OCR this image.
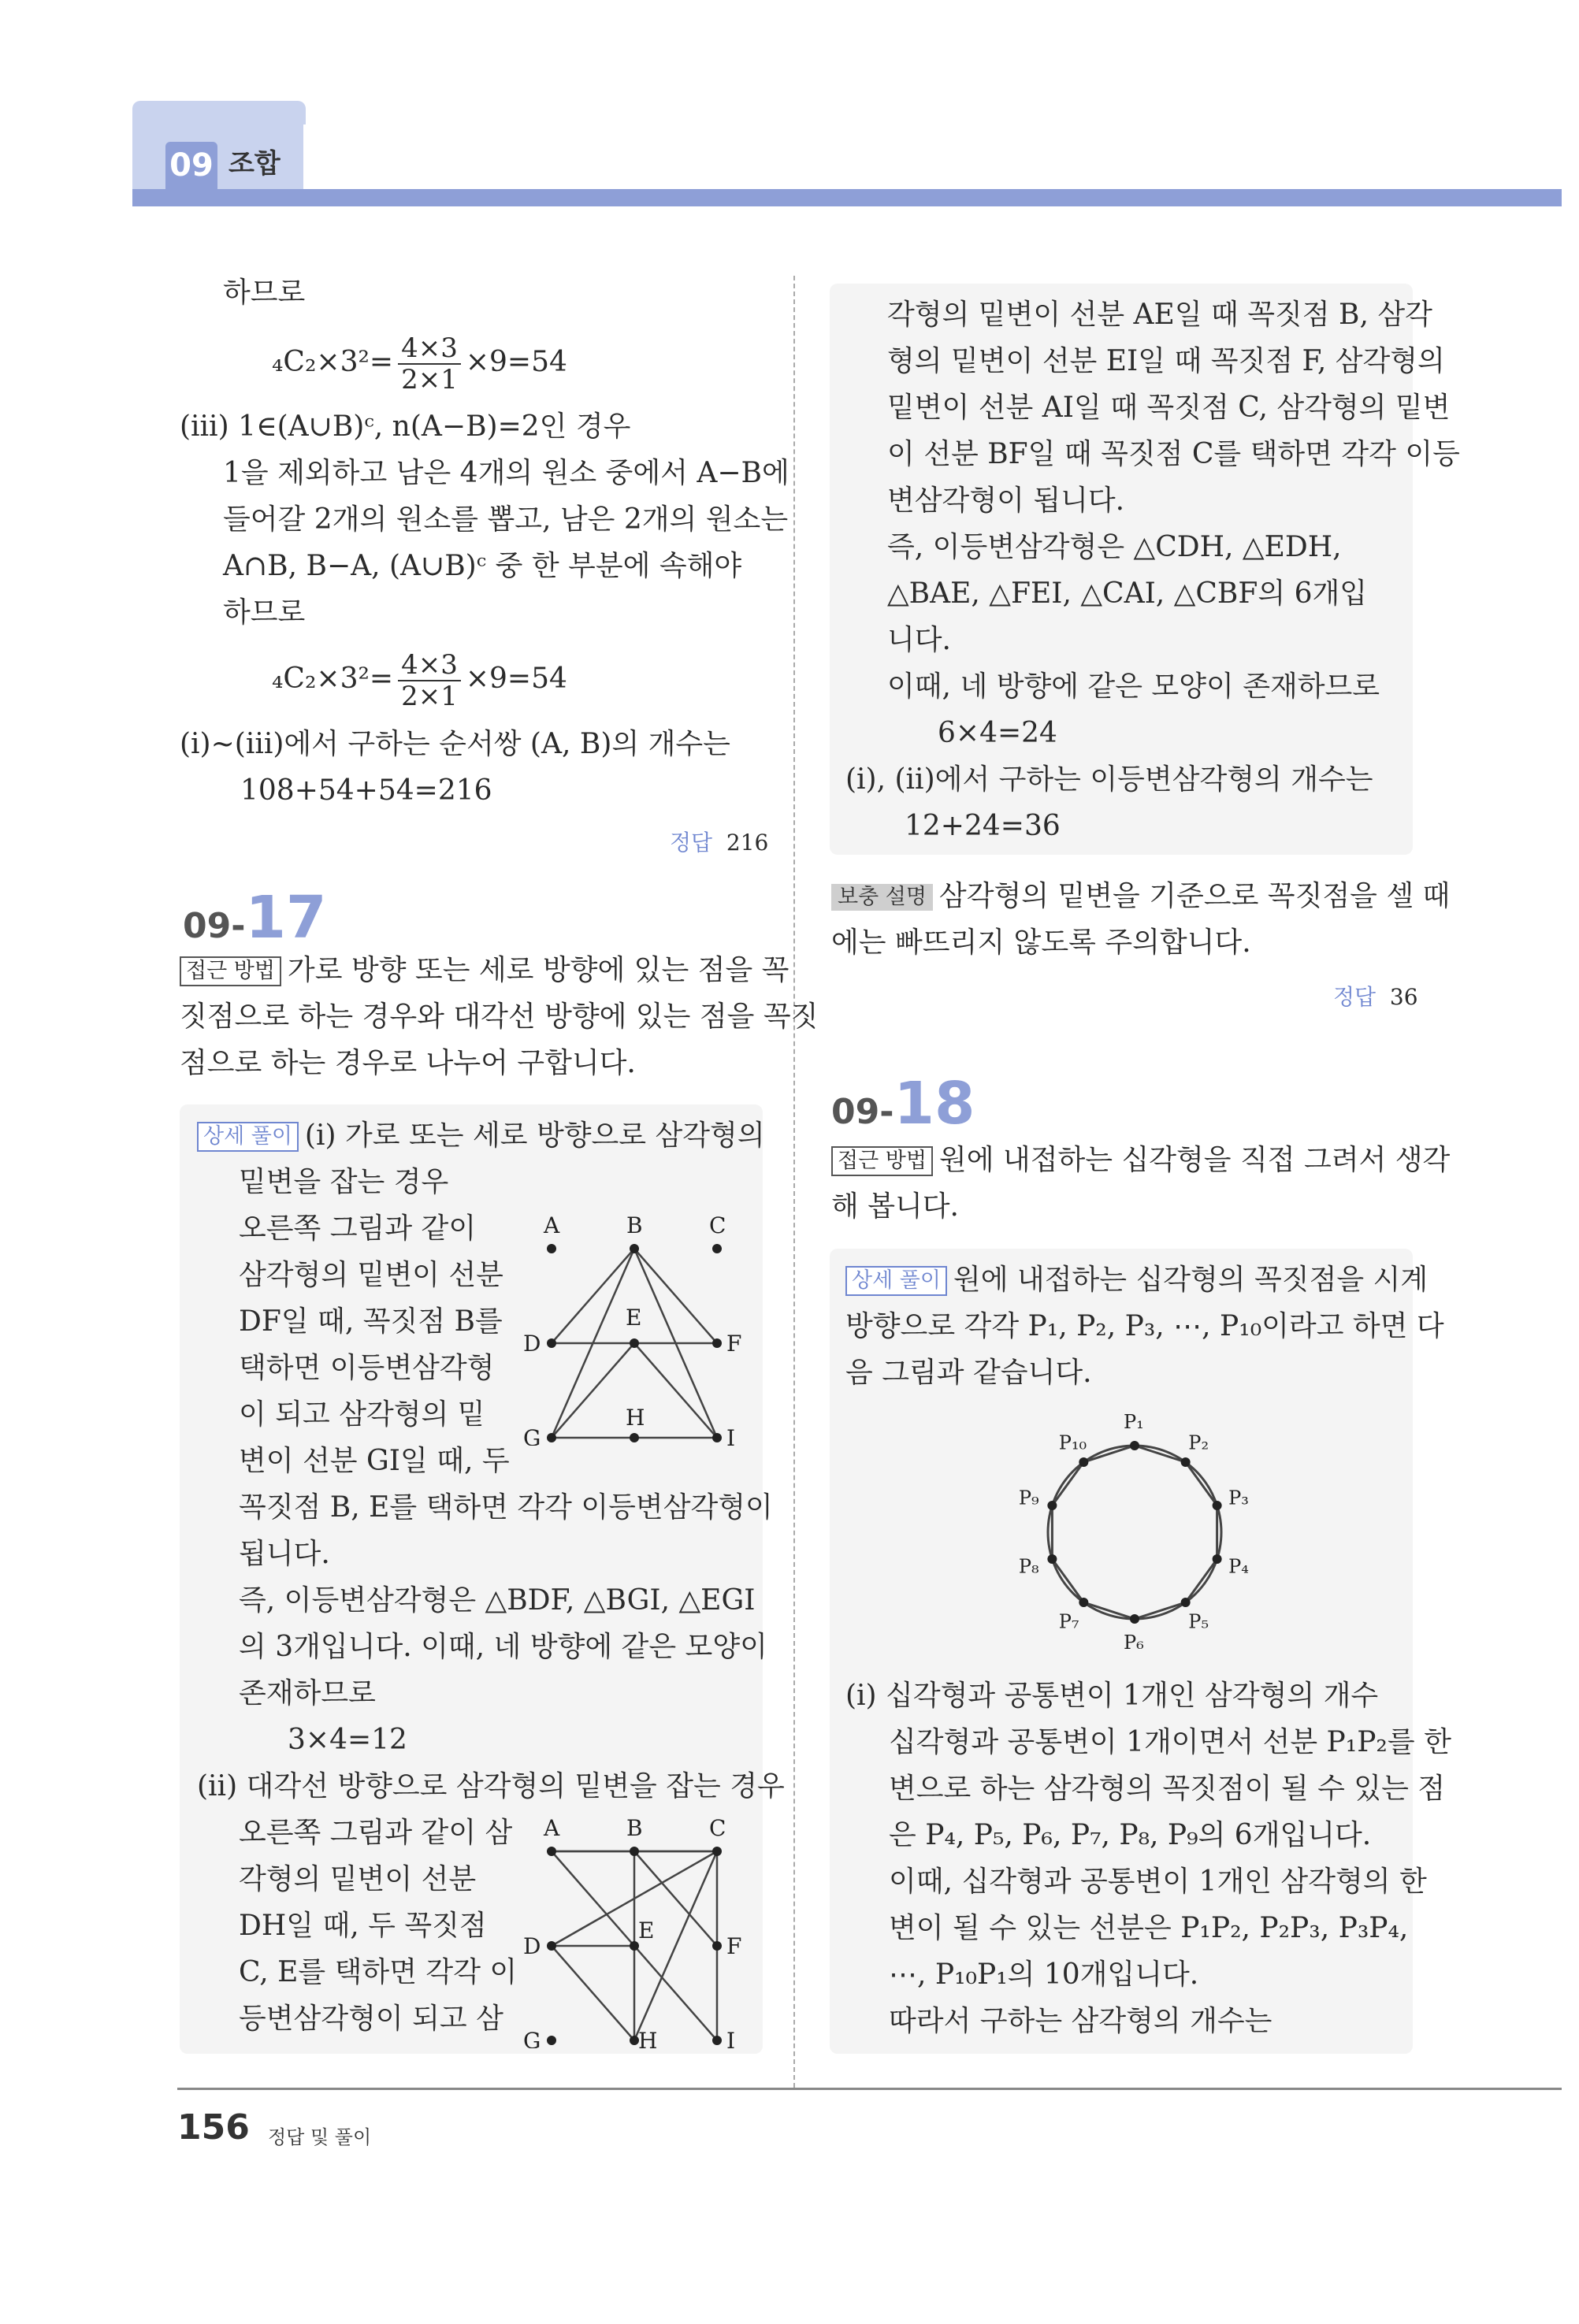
09 조합
하므로
$_4C_2\times 3^2= \frac{4\times 3}{2\times 1} \times 9=54$
(ⅲ) 1∈(A∪B)ᶜ, n(A−B)=2인 경우
1을 제외하고 남은 4개의 원소 중에서 A−B에
들어갈 2개의 원소를 뽑고, 남은 2개의 원소는
A∩B, B−A, (A∪B)ᶜ 중 한 부분에 속해야
하므로
$_4C_2\times 3^2= \frac{4\times 3}{2\times 1} \times 9=54$
(ⅰ)~(ⅲ)에서 구하는 순서쌍 (A, B)의 개수는
108+54+54=216
정답 216
09-17
접근 방법 가로 방향 또는 세로 방향에 있는 점을 꼭
짓점으로 하는 경우와 대각선 방향에 있는 점을 꼭짓
점으로 하는 경우로 나누어 구합니다.
상세 풀이 (ⅰ) 가로 또는 세로 방향으로 삼각형의
밑변을 잡는 경우
오른쪽 그림과 같이
삼각형의 밑변이 선분
DF일 때, 꼭짓점 B를
택하면 이등변삼각형
이 되고 삼각형의 밑
변이 선분 GI일 때, 두
꼭짓점 B, E를 택하면 각각 이등변삼각형이
됩니다.
즉, 이등변삼각형은 △BDF, △BGI, △EGI
의 3개입니다. 이때, 네 방향에 같은 모양이
존재하므로
3×4=12
(ⅱ) 대각선 방향으로 삼각형의 밑변을 잡는 경우
오른쪽 그림과 같이 삼
각형의 밑변이 선분
DH일 때, 두 꼭짓점
C, E를 택하면 각각 이
등변삼각형이 되고 삼
A	B	C
D
E
F
G
H
I
A	B	C
D
E
F
G	H	I
각형의 밑변이 선분 AE일 때 꼭짓점 B, 삼각
형의 밑변이 선분 EI일 때 꼭짓점 F, 삼각형의
밑변이 선분 AI일 때 꼭짓점 C, 삼각형의 밑변
이 선분 BF일 때 꼭짓점 C를 택하면 각각 이등
변삼각형이 됩니다.
즉, 이등변삼각형은 △CDH, △EDH,
△BAE, △FEI, △CAI, △CBF의 6개입
니다.
이때, 네 방향에 같은 모양이 존재하므로
6×4=24
(ⅰ), (ⅱ)에서 구하는 이등변삼각형의 개수는
12+24=36
보충 설명 삼각형의 밑변을 기준으로 꼭짓점을 셀 때
에는 빠뜨리지 않도록 주의합니다.
정답 36
09-18
접근 방법 원에 내접하는 십각형을 직접 그려서 생각
해 봅니다.
상세 풀이 원에 내접하는 십각형의 꼭짓점을 시계
방향으로 각각 P₁, P₂, P₃, ⋯, P₁₀이라고 하면 다
음 그림과 같습니다.
P₁
P₂
P₃
P₄
P₅
P₆
P₇
P₈
P₉
P₁₀
(ⅰ) 십각형과 공통변이 1개인 삼각형의 개수
십각형과 공통변이 1개이면서 선분 P₁P₂를 한
변으로 하는 삼각형의 꼭짓점이 될 수 있는 점
은 P₄, P₅, P₆, P₇, P₈, P₉의 6개입니다.
이때, 십각형과 공통변이 1개인 삼각형의 한
변이 될 수 있는 선분은 P₁P₂, P₂P₃, P₃P₄,
⋯, P₁₀P₁의 10개입니다.
따라서 구하는 삼각형의 개수는
156 정답 및 풀이
